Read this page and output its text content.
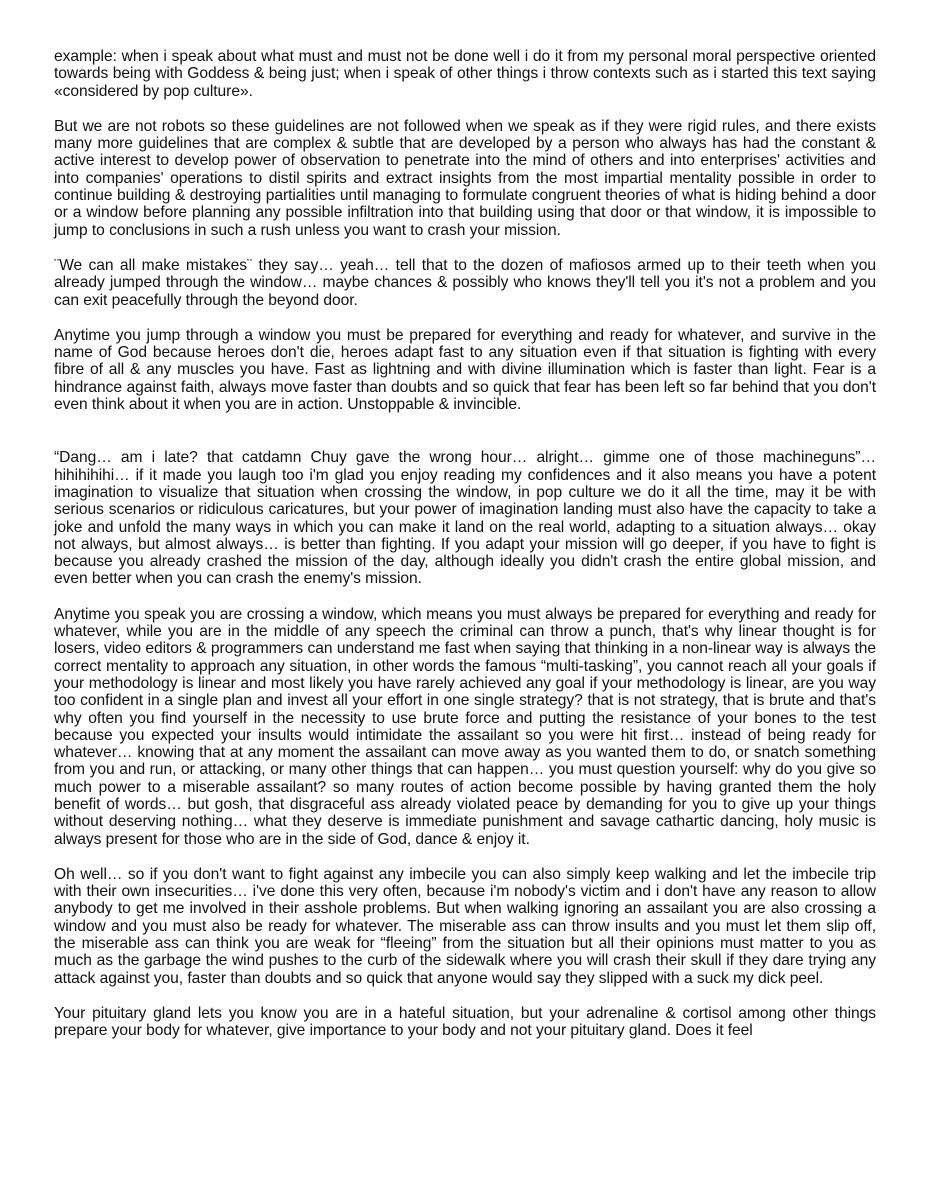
example: when i speak about what must and must not be done well i do it from my personal moral perspective oriented towards being with Goddess & being just; when i speak of other things i throw contexts such as i started this text saying «considered by pop culture».

But we are not robots so these guidelines are not followed when we speak as if they were rigid rules, and there exists many more guidelines that are complex & subtle that are developed by a person who always has had the constant & active interest to develop power of observation to penetrate into the mind of others and into enterprises' activities and into companies' operations to distil spirits and extract insights from the most impartial mentality possible in order to continue building & destroying partialities until managing to formulate congruent theories of what is hiding behind a door or a window before planning any possible infiltration into that building using that door or that window, it is impossible to jump to conclusions in such a rush unless you want to crash your mission.

¨We can all make mistakes¨ they say… yeah… tell that to the dozen of mafiosos armed up to their teeth when you already jumped through the window… maybe chances & possibly who knows they'll tell you it's not a problem and you can exit peacefully through the beyond door.

Anytime you jump through a window you must be prepared for everything and ready for whatever, and survive in the name of God because heroes don't die, heroes adapt fast to any situation even if that situation is fighting with every fibre of all & any muscles you have. Fast as lightning and with divine illumination which is faster than light. Fear is a hindrance against faith, always move faster than doubts and so quick that fear has been left so far behind that you don't even think about it when you are in action. Unstoppable & invincible.

“Dang… am i late? that catdamn Chuy gave the wrong hour… alright… gimme one of those machineguns”… hihihihihi… if it made you laugh too i'm glad you enjoy reading my confidences and it also means you have a potent imagination to visualize that situation when crossing the window, in pop culture we do it all the time, may it be with serious scenarios or ridiculous caricatures, but your power of imagination landing must also have the capacity to take a joke and unfold the many ways in which you can make it land on the real world, adapting to a situation always… okay not always, but almost always… is better than fighting. If you adapt your mission will go deeper, if you have to fight is because you already crashed the mission of the day, although ideally you didn't crash the entire global mission, and even better when you can crash the enemy's mission.

Anytime you speak you are crossing a window, which means you must always be prepared for everything and ready for whatever, while you are in the middle of any speech the criminal can throw a punch, that's why linear thought is for losers, video editors & programmers can understand me fast when saying that thinking in a non-linear way is always the correct mentality to approach any situation, in other words the famous “multi-tasking”, you cannot reach all your goals if your methodology is linear and most likely you have rarely achieved any goal if your methodology is linear, are you way too confident in a single plan and invest all your effort in one single strategy? that is not strategy, that is brute and that's why often you find yourself in the necessity to use brute force and putting the resistance of your bones to the test because you expected your insults would intimidate the assailant so you were hit first… instead of being ready for whatever… knowing that at any moment the assailant can move away as you wanted them to do, or snatch something from you and run, or attacking, or many other things that can happen… you must question yourself: why do you give so much power to a miserable assailant? so many routes of action become possible by having granted them the holy benefit of words… but gosh, that disgraceful ass already violated peace by demanding for you to give up your things without deserving nothing… what they deserve is immediate punishment and savage cathartic dancing, holy music is always present for those who are in the side of God, dance & enjoy it.

Oh well… so if you don't want to fight against any imbecile you can also simply keep walking and let the imbecile trip with their own insecurities… i've done this very often, because i'm nobody's victim and i don't have any reason to allow anybody to get me involved in their asshole problems. But when walking ignoring an assailant you are also crossing a window and you must also be ready for whatever. The miserable ass can throw insults and you must let them slip off, the miserable ass can think you are weak for “fleeing” from the situation but all their opinions must matter to you as much as the garbage the wind pushes to the curb of the sidewalk where you will crash their skull if they dare trying any attack against you, faster than doubts and so quick that anyone would say they slipped with a suck my dick peel.

Your pituitary gland lets you know you are in a hateful situation, but your adrenaline & cortisol among other things prepare your body for whatever, give importance to your body and not your pituitary gland. Does it feel
